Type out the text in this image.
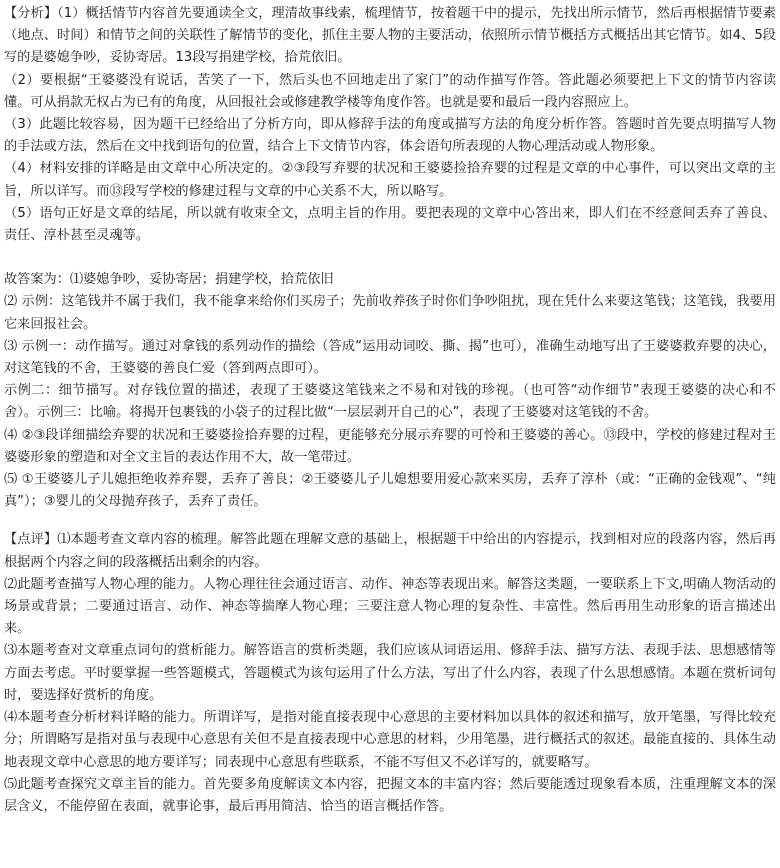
【分析】（1）概括情节内容首先要通读全文，理清故事线索，梳理情节，按着题干中的提示，先找出所示情节，然后再根据情节要素（地点、时间）和情节之间的关联性了解情节的变化，抓住主要人物的主要活动，依照所示情节概括方式概括出其它情节。如4、5段写的是婆媳争吵，妥协寄居。13段写捐建学校，拾荒依旧。

（2）要根据“王婆婆没有说话，苦笑了一下，然后头也不回地走出了家门”的动作描写作答。答此题必须要把上下文的情节内容读懂。可从捐款无权占为已有的角度，从回报社会或修建教学楼等角度作答。也就是要和最后一段内容照应上。

（3）此题比较容易，因为题干已经给出了分析方向，即从修辞手法的角度或描写方法的角度分析作答。答题时首先要点明描写人物的手法或方法，然后在文中找到语句的位置，结合上下文情节内容，体会语句所表现的人物心理活动或人物形象。

（4）材料安排的详略是由文章中心所决定的。②③段写弃婴的状况和王婆婆捡拾弃婴的过程是文章的中心事件，可以突出文章的主旨，所以详写。而⑬段写学校的修建过程与文章的中心关系不大，所以略写。

（5）语句正好是文章的结尾，所以就有收束全文，点明主旨的作用。要把表现的文章中心答出来，即人们在不经意间丢弃了善良、责任、淳朴甚至灵魂等。

故答案为：⑴婆媳争吵，妥协寄居；捐建学校，拾荒依旧

⑵ 示例：这笔钱并不属于我们，我不能拿来给你们买房子；先前收养孩子时你们争吵阻扰，现在凭什么来要这笔钱；这笔钱，我要用它来回报社会。

⑶ 示例一：动作描写。通过对拿钱的系列动作的描绘（答成“运用动词咬、撕、揭”也可），准确生动地写出了王婆婆救弃婴的决心，对这笔钱的不舍，王婆婆的善良仁爱（答到两点即可）。

示例二：细节描写。对存钱位置的描述，表现了王婆婆这笔钱来之不易和对钱的珍视。（也可答“动作细节”表现王婆婆的决心和不舍）。示例三：比喻。将揭开包裹钱的小袋子的过程比做“一层层剥开自己的心”，表现了王婆婆对这笔钱的不舍。

⑷ ②③段详细描绘弃婴的状况和王婆婆捡拾弃婴的过程，更能够充分展示弃婴的可怜和王婆婆的善心。⑬段中，学校的修建过程对王婆婆形象的塑造和对全文主旨的表达作用不大，故一笔带过。

⑸ ①王婆婆儿子儿媳拒绝收养弃婴，丢弃了善良；②王婆婆儿子儿媳想要用爱心款来买房，丢弃了淳朴（或：“正确的金钱观”、“纯真”）；③婴儿的父母抛弃孩子，丢弃了责任。

【点评】⑴本题考查文章内容的梳理。解答此题在理解文意的基础上，根据题干中给出的内容提示，找到相对应的段落内容，然后再根据两个内容之间的段落概括出剩余的内容。

⑵此题考查描写人物心理的能力。人物心理往往会通过语言、动作、神态等表现出来。解答这类题，一要联系上下文,明确人物活动的场景或背景；二要通过语言、动作、神态等揣摩人物心理；三要注意人物心理的复杂性、丰富性。然后再用生动形象的语言描述出来。

⑶本题考查对文章重点词句的赏析能力。解答语言的赏析类题，我们应该从词语运用、修辞手法、描写方法、表现手法、思想感情等方面去考虑。平时要掌握一些答题模式，答题模式为该句运用了什么方法，写出了什么内容，表现了什么思想感情。本题在赏析词句时，要选择好赏析的角度。

⑷本题考查分析材料详略的能力。所谓详写，是指对能直接表现中心意思的主要材料加以具体的叙述和描写，放开笔墨，写得比较充分；所谓略写是指对虽与表现中心意思有关但不是直接表现中心意思的材料，少用笔墨，进行概括式的叙述。最能直接的、具体生动地表现文章中心意思的地方要详写；同表现中心意思有些联系，不能不写但又不必详写的，就要略写。

⑸此题考查探究文章主旨的能力。首先要多角度解读文本内容，把握文本的丰富内容；然后要能透过现象看本质，注重理解文本的深层含义，不能停留在表面，就事论事，最后再用简洁、恰当的语言概括作答。
